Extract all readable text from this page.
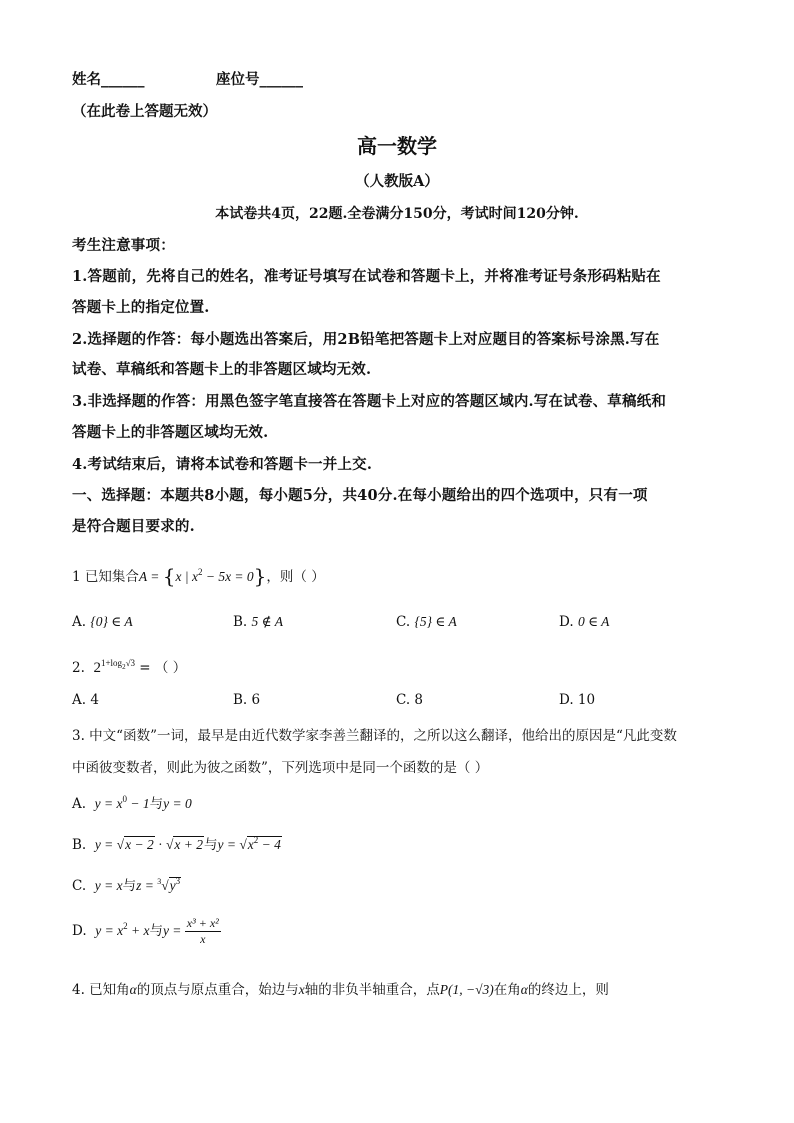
姓名______	座位号______
（在此卷上答题无效）
高一数学
（人教版A）
本试卷共4页，22题.全卷满分150分，考试时间120分钟.
考生注意事项：
1.答题前，先将自己的姓名，准考证号填写在试卷和答题卡上，并将准考证号条形码粘贴在
答题卡上的指定位置.
2.选择题的作答：每小题选出答案后，用2B铅笔把答题卡上对应题目的答案标号涂黑.写在
试卷、草稿纸和答题卡上的非答题区域均无效.
3.非选择题的作答：用黑色签字笔直接答在答题卡上对应的答题区域内.写在试卷、草稿纸和
答题卡上的非答题区域均无效.
4.考试结束后，请将本试卷和答题卡一并上交.
一、选择题：本题共8小题，每小题5分，共40分.在每小题给出的四个选项中，只有一项
是符合题目要求的.
1 已知集合A = {x | $x^2 - 5x = 0$}，则（ ）
A. {0} ∈ A	B. 5 ∉ A	C. {5} ∈ A	D. 0 ∈ A
2. $2^{1+log2√3}$ = （ ）
A. 4	B. 6	C. 8	D. 10
3. 中文“函数”一词，最早是由近代数学家李善兰翻译的，之所以这么翻译，他给出的原因是“凡此变数
中函彼变数者，则此为彼之函数”，下列选项中是同一个函数的是（ ）
A. $y = x^0 - 1$与y = 0
B. y = √x − 2 · √x + 2与$y = √x^2 - 4$
C. y = x与$z = ^3√y^3$
D. $y = x^2 + x$与$y = \frac{\text{x³ + x²}}{x}$
4. 已知角α的顶点与原点重合，始边与x轴的非负半轴重合，点P(1, −√3)在角α的终边上，则
